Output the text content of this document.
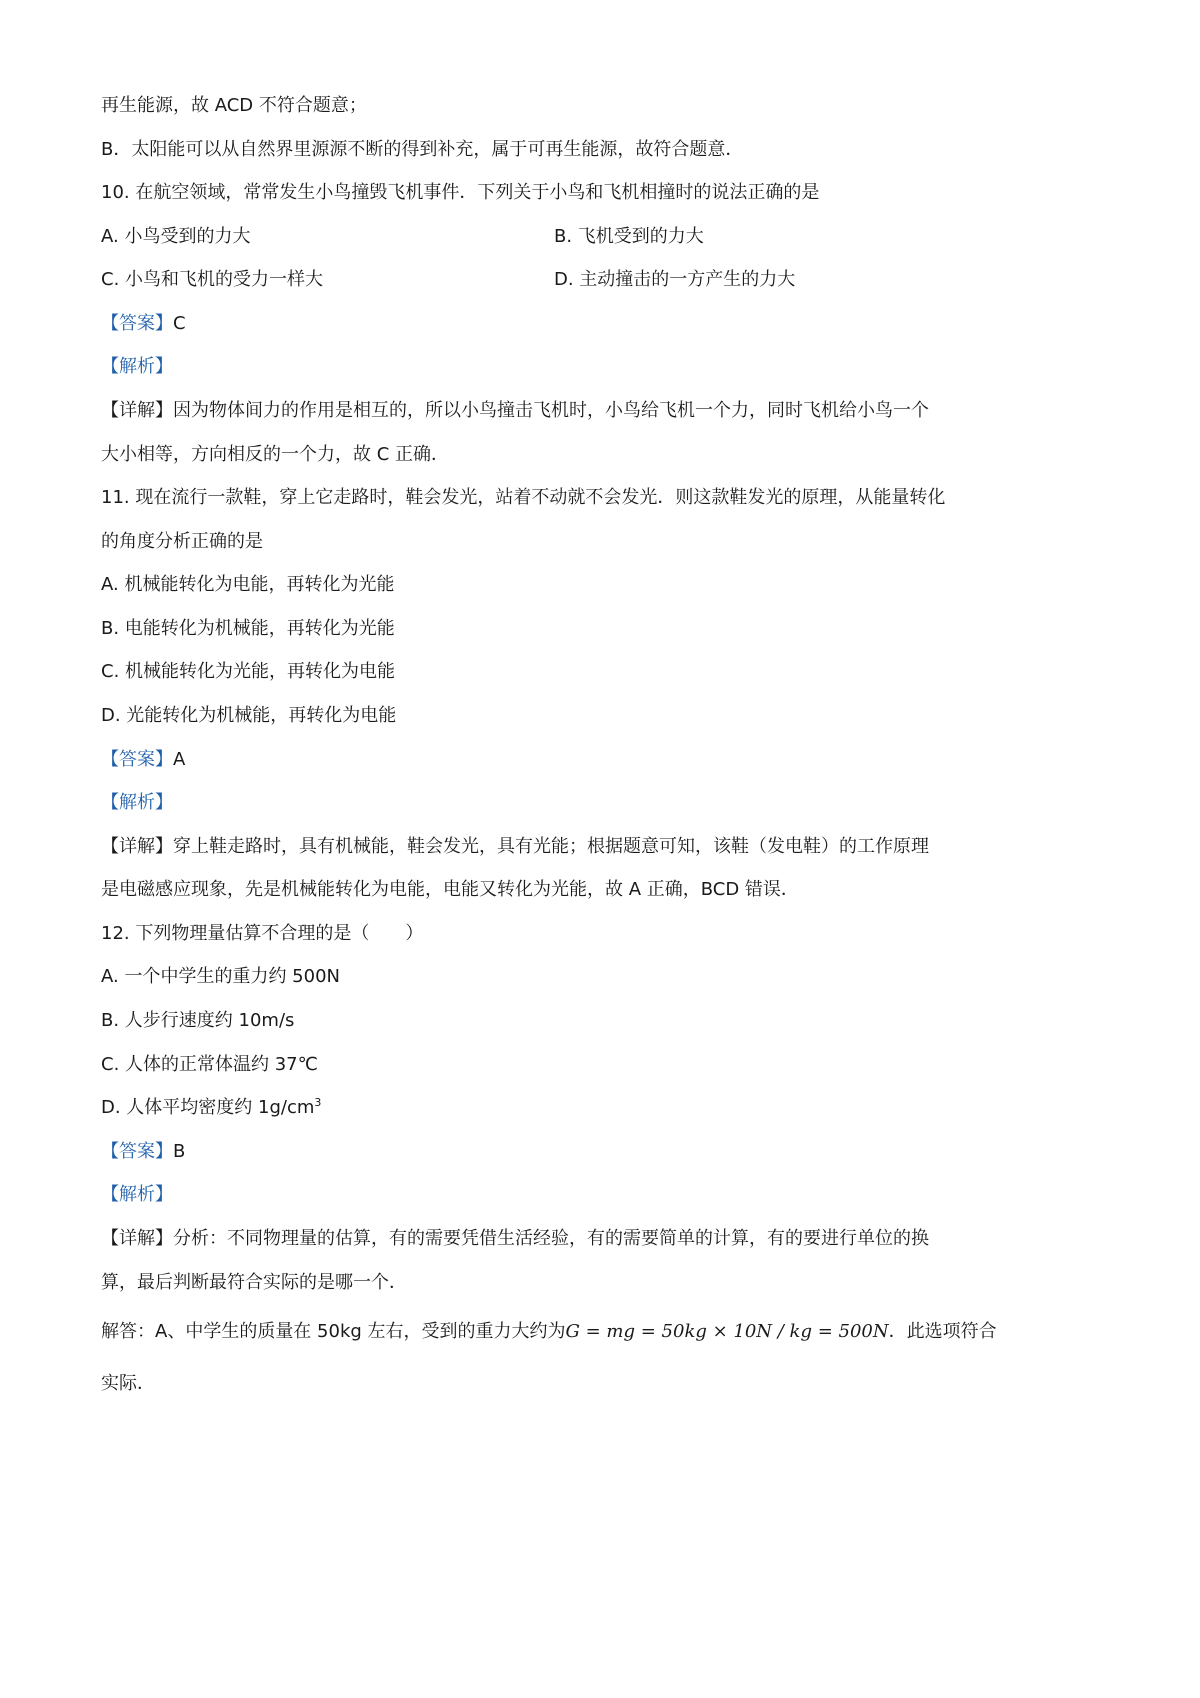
再生能源，故 ACD 不符合题意；
B．太阳能可以从自然界里源源不断的得到补充，属于可再生能源，故符合题意．
10. 在航空领域，常常发生小鸟撞毁飞机事件．下列关于小鸟和飞机相撞时的说法正确的是
A. 小鸟受到的力大	B. 飞机受到的力大
C. 小鸟和飞机的受力一样大	D. 主动撞击的一方产生的力大
【答案】C
【解析】
【详解】因为物体间力的作用是相互的，所以小鸟撞击飞机时，小鸟给飞机一个力，同时飞机给小鸟一个
大小相等，方向相反的一个力，故 C 正确．
11. 现在流行一款鞋，穿上它走路时，鞋会发光，站着不动就不会发光．则这款鞋发光的原理，从能量转化
的角度分析正确的是
A. 机械能转化为电能，再转化为光能
B. 电能转化为机械能，再转化为光能
C. 机械能转化为光能，再转化为电能
D. 光能转化为机械能，再转化为电能
【答案】A
【解析】
【详解】穿上鞋走路时，具有机械能，鞋会发光，具有光能；根据题意可知，该鞋（发电鞋）的工作原理
是电磁感应现象，先是机械能转化为电能，电能又转化为光能，故 A 正确，BCD 错误．
12. 下列物理量估算不合理的是（　　）
A. 一个中学生的重力约 500N
B. 人步行速度约 10m/s
C. 人体的正常体温约 37℃
D. 人体平均密度约 $1g/cm^3$
【答案】B
【解析】
【详解】分析：不同物理量的估算，有的需要凭借生活经验，有的需要简单的计算，有的要进行单位的换
算，最后判断最符合实际的是哪一个．
解答：A、中学生的质量在 50kg 左右，受到的重力大约为G = mg = 50kg × 10N / kg = 500N．此选项符合
实际．
